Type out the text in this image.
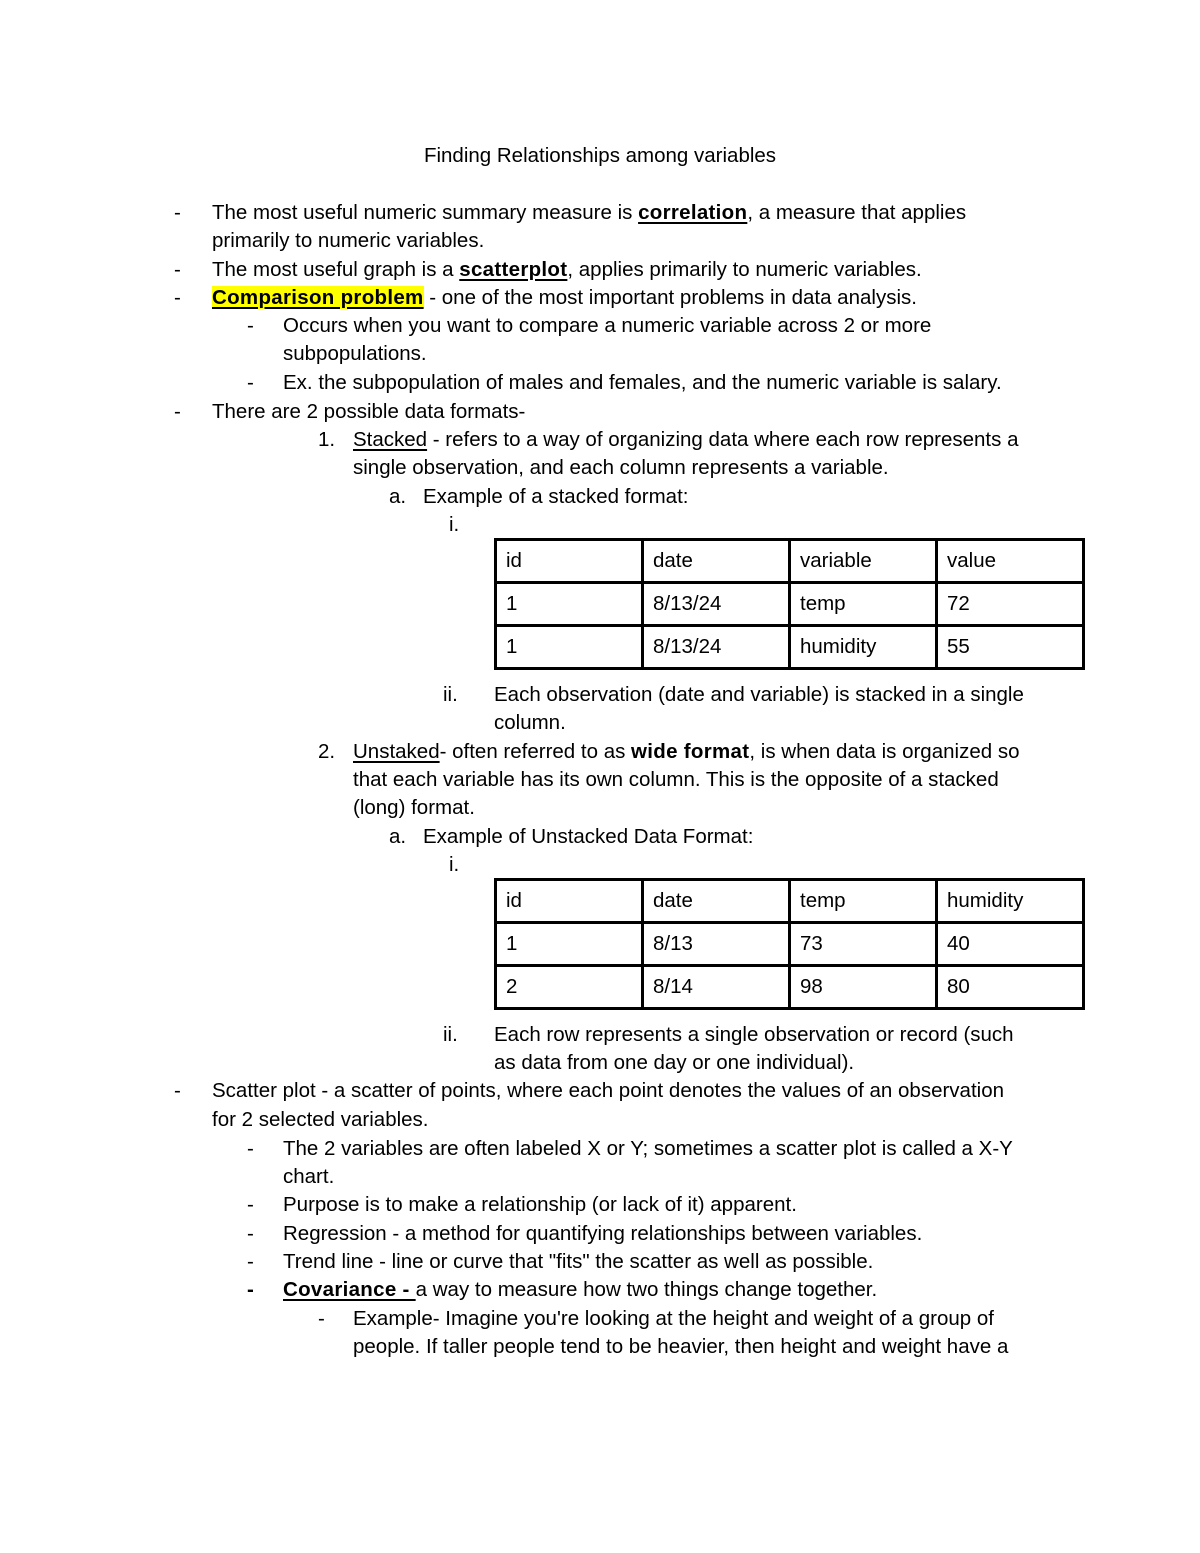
Finding Relationships among variables
- The most useful numeric summary measure is correlation, a measure that applies
primarily to numeric variables.
- The most useful graph is a scatterplot, applies primarily to numeric variables.
- Comparison problem - one of the most important problems in data analysis.
- Occurs when you want to compare a numeric variable across 2 or more
subpopulations.
- Ex. the subpopulation of males and females, and the numeric variable is salary.
- There are 2 possible data formats-
1. Stacked - refers to a way of organizing data where each row represents a
single observation, and each column represents a variable.
a. Example of a stacked format:
i.
id	date	variable	value
1	8/13/24	temp	72
1	8/13/24	humidity	55
ii. Each observation (date and variable) is stacked in a single
column.
2. Unstaked- often referred to as wide format, is when data is organized so
that each variable has its own column. This is the opposite of a stacked
(long) format.
a. Example of Unstacked Data Format:
i.
id	date	temp	humidity
1	8/13	73	40
2	8/14	98	80
ii. Each row represents a single observation or record (such
as data from one day or one individual).
- Scatter plot - a scatter of points, where each point denotes the values of an observation
for 2 selected variables.
- The 2 variables are often labeled X or Y; sometimes a scatter plot is called a X-Y
chart.
- Purpose is to make a relationship (or lack of it) apparent.
- Regression - a method for quantifying relationships between variables.
- Trend line - line or curve that "fits" the scatter as well as possible.
- Covariance - a way to measure how two things change together.
- Example- Imagine you're looking at the height and weight of a group of
people. If taller people tend to be heavier, then height and weight have a
